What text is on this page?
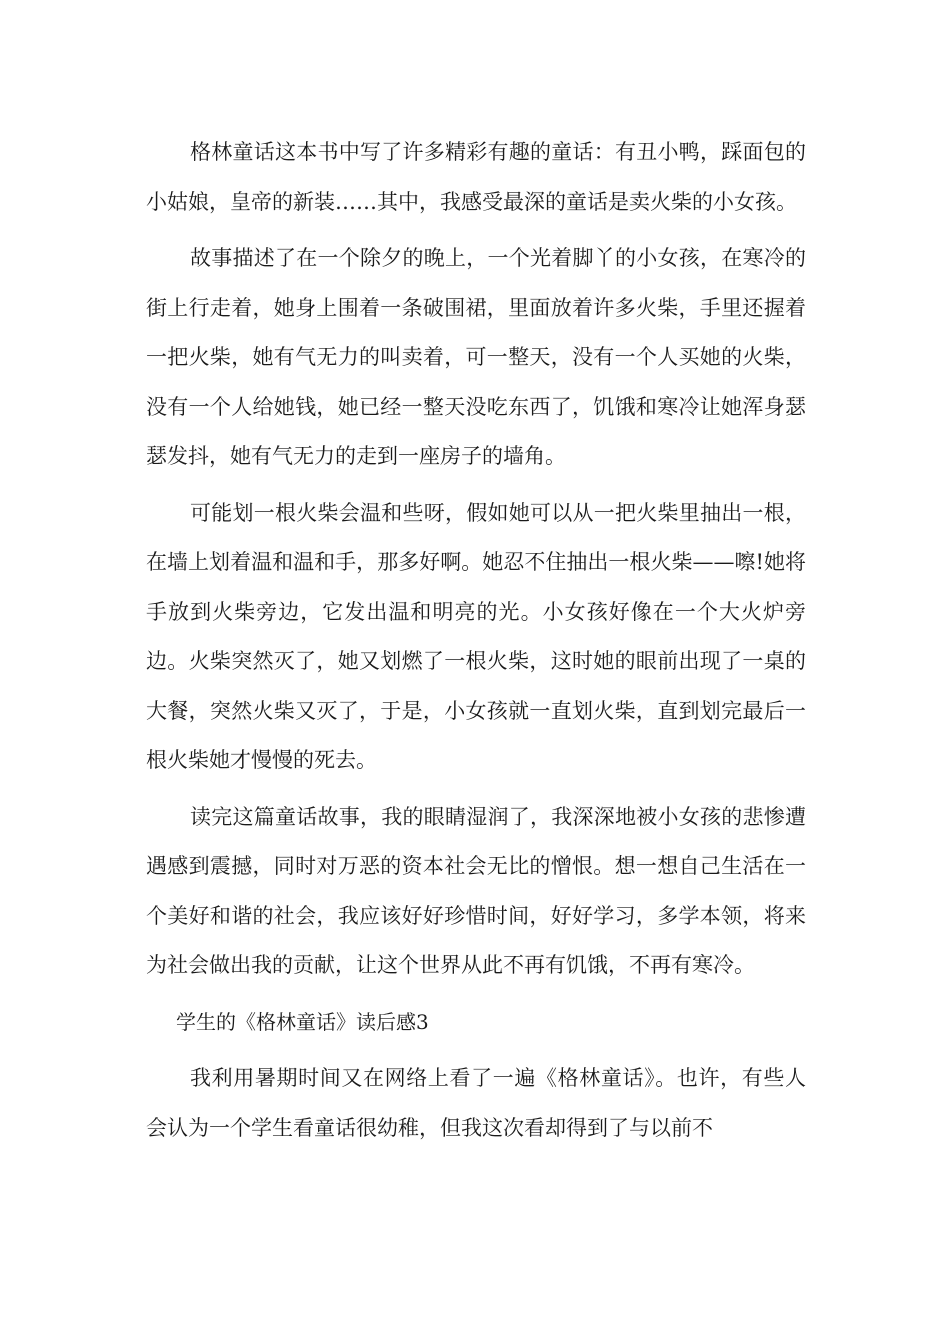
格林童话这本书中写了许多精彩有趣的童话：有丑小鸭，踩面包的小姑娘，皇帝的新装……其中，我感受最深的童话是卖火柴的小女孩。

故事描述了在一个除夕的晚上，一个光着脚丫的小女孩，在寒冷的街上行走着，她身上围着一条破围裙，里面放着许多火柴，手里还握着一把火柴，她有气无力的叫卖着，可一整天，没有一个人买她的火柴，没有一个人给她钱，她已经一整天没吃东西了，饥饿和寒冷让她浑身瑟瑟发抖，她有气无力的走到一座房子的墙角。

可能划一根火柴会温和些呀，假如她可以从一把火柴里抽出一根，在墙上划着温和温和手，那多好啊。她忍不住抽出一根火柴——嚓!她将手放到火柴旁边，它发出温和明亮的光。小女孩好像在一个大火炉旁边。火柴突然灭了，她又划燃了一根火柴，这时她的眼前出现了一桌的大餐，突然火柴又灭了，于是，小女孩就一直划火柴，直到划完最后一根火柴她才慢慢的死去。

读完这篇童话故事，我的眼睛湿润了，我深深地被小女孩的悲惨遭遇感到震撼，同时对万恶的资本社会无比的憎恨。想一想自己生活在一个美好和谐的社会，我应该好好珍惜时间，好好学习，多学本领，将来为社会做出我的贡献，让这个世界从此不再有饥饿，不再有寒冷。

学生的《格林童话》读后感3

我利用暑期时间又在网络上看了一遍《格林童话》。也许，有些人会认为一个学生看童话很幼稚，但我这次看却得到了与以前不
